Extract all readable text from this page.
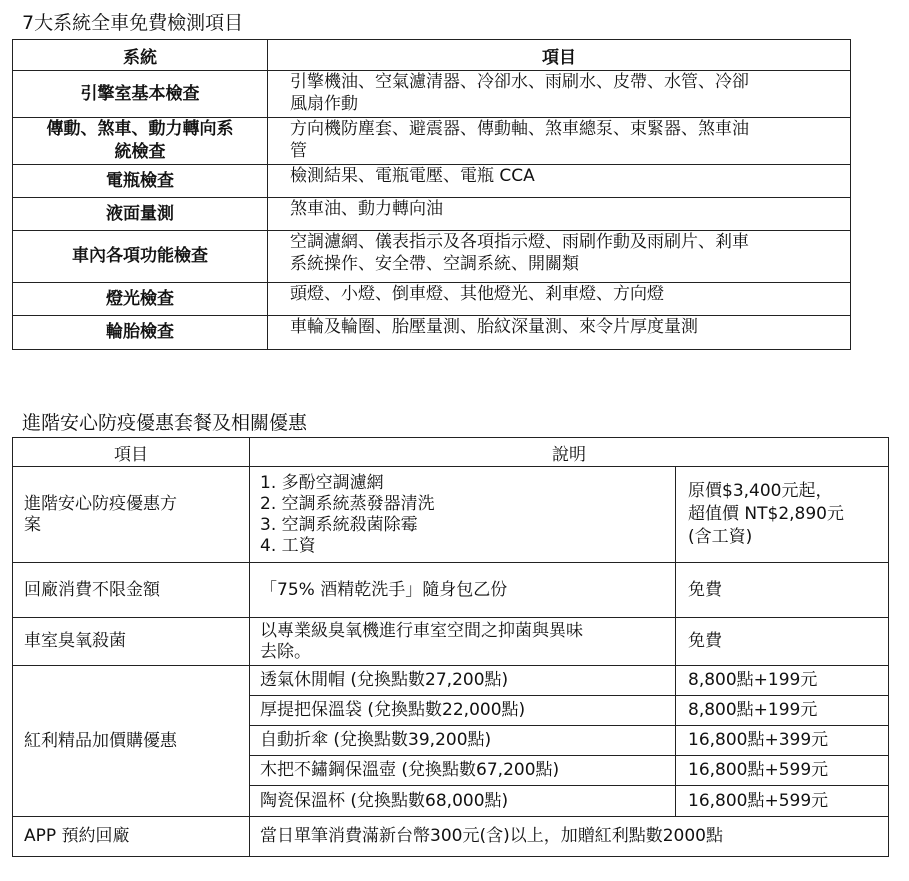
7大系統全車免費檢測項目
系統	項目

引擎室基本檢查	引擎機油、空氣濾清器、冷卻水、雨刷水、皮帶、水管、冷卻
風扇作動

傳動、煞車、動力轉向系
統檢查	方向機防塵套、避震器、傳動軸、煞車總泵、束緊器、煞車油
管

電瓶檢查	檢測結果、電瓶電壓、電瓶 CCA

液面量測	煞車油、動力轉向油

車內各項功能檢查	空調濾網、儀表指示及各項指示燈、雨刷作動及雨刷片、剎車
系統操作、安全帶、空調系統、開關類

燈光檢查	頭燈、小燈、倒車燈、其他燈光、剎車燈、方向燈

輪胎檢查	車輪及輪圈、胎壓量測、胎紋深量測、來令片厚度量測
進階安心防疫優惠套餐及相關優惠
項目	說明	

進階安心防疫優惠方
案	1. 多酚空調濾網
2. 空調系統蒸發器清洗
3. 空調系統殺菌除霉
4. 工資	原價$3,400元起，
超值價 NT$2,890元
(含工資)

回廠消費不限金額	「75% 酒精乾洗手」隨身包乙份	免費
車室臭氧殺菌	以專業級臭氧機進行車室空間之抑菌與異味
去除。	免費
紅利精品加價購優惠	透氣休閒帽 (兌換點數27,200點)	8,800點+199元
	厚提把保溫袋 (兌換點數22,000點)	8,800點+199元
	自動折傘 (兌換點數39,200點)	16,800點+399元
	木把不鏽鋼保溫壺 (兌換點數67,200點)	16,800點+599元
	陶瓷保溫杯 (兌換點數68,000點)	16,800點+599元
APP 預約回廠	當日單筆消費滿新台幣300元(含)以上，加贈紅利點數2000點	
